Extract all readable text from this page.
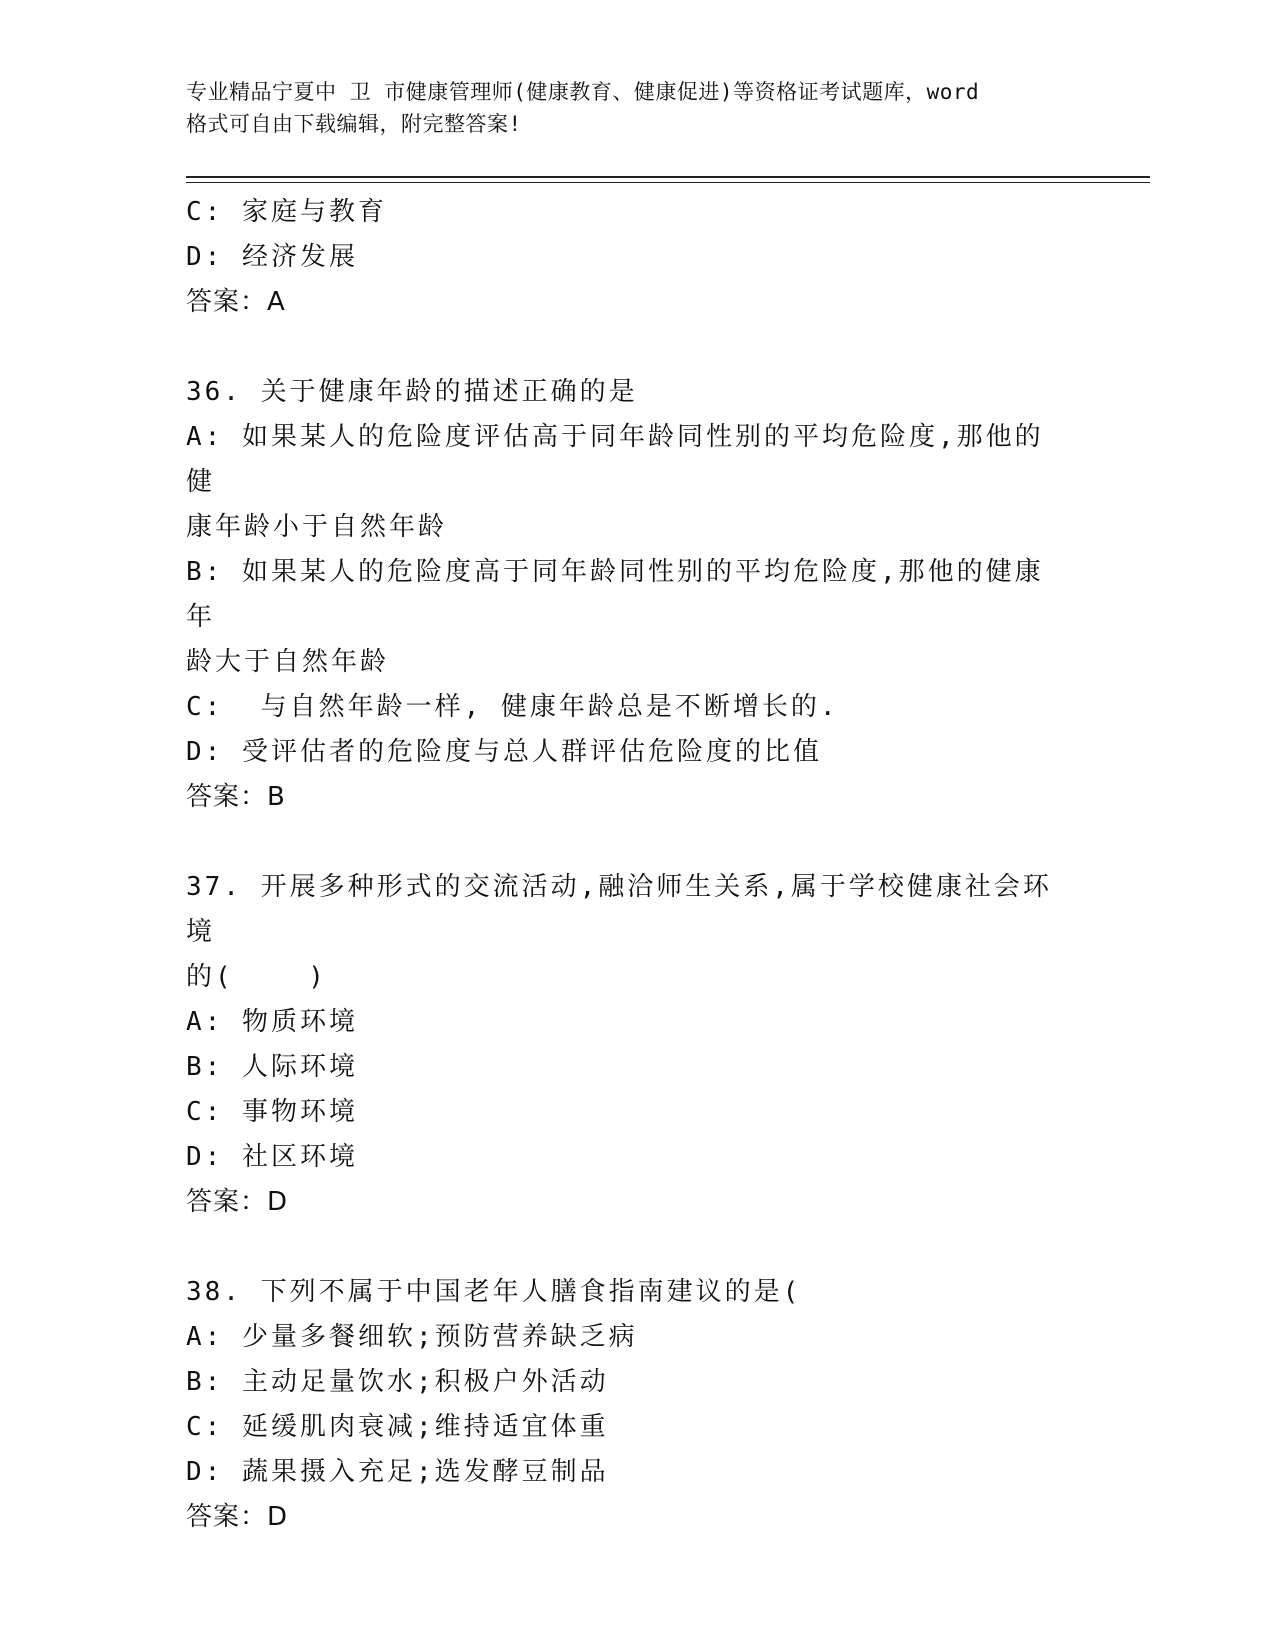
专业精品宁夏中 卫 市健康管理师(健康教育、健康促进)等资格证考试题库，word
格式可自由下载编辑，附完整答案!
C: 家庭与教育
D: 经济发展
答案：A
36. 关于健康年龄的描述正确的是
A: 如果某人的危险度评估高于同年龄同性别的平均危险度,那他的健
康年龄小于自然年龄
B: 如果某人的危险度高于同年龄同性别的平均危险度,那他的健康年
龄大于自然年龄
C:  与自然年龄一样, 健康年龄总是不断增长的.
D: 受评估者的危险度与总人群评估危险度的比值
答案：B
37. 开展多种形式的交流活动,融洽师生关系,属于学校健康社会环境
的(    )
A: 物质环境
B: 人际环境
C: 事物环境
D: 社区环境
答案：D
38. 下列不属于中国老年人膳食指南建议的是(
A: 少量多餐细软;预防营养缺乏病
B: 主动足量饮水;积极户外活动
C: 延缓肌肉衰减;维持适宜体重
D: 蔬果摄入充足;选发酵豆制品
答案：D
